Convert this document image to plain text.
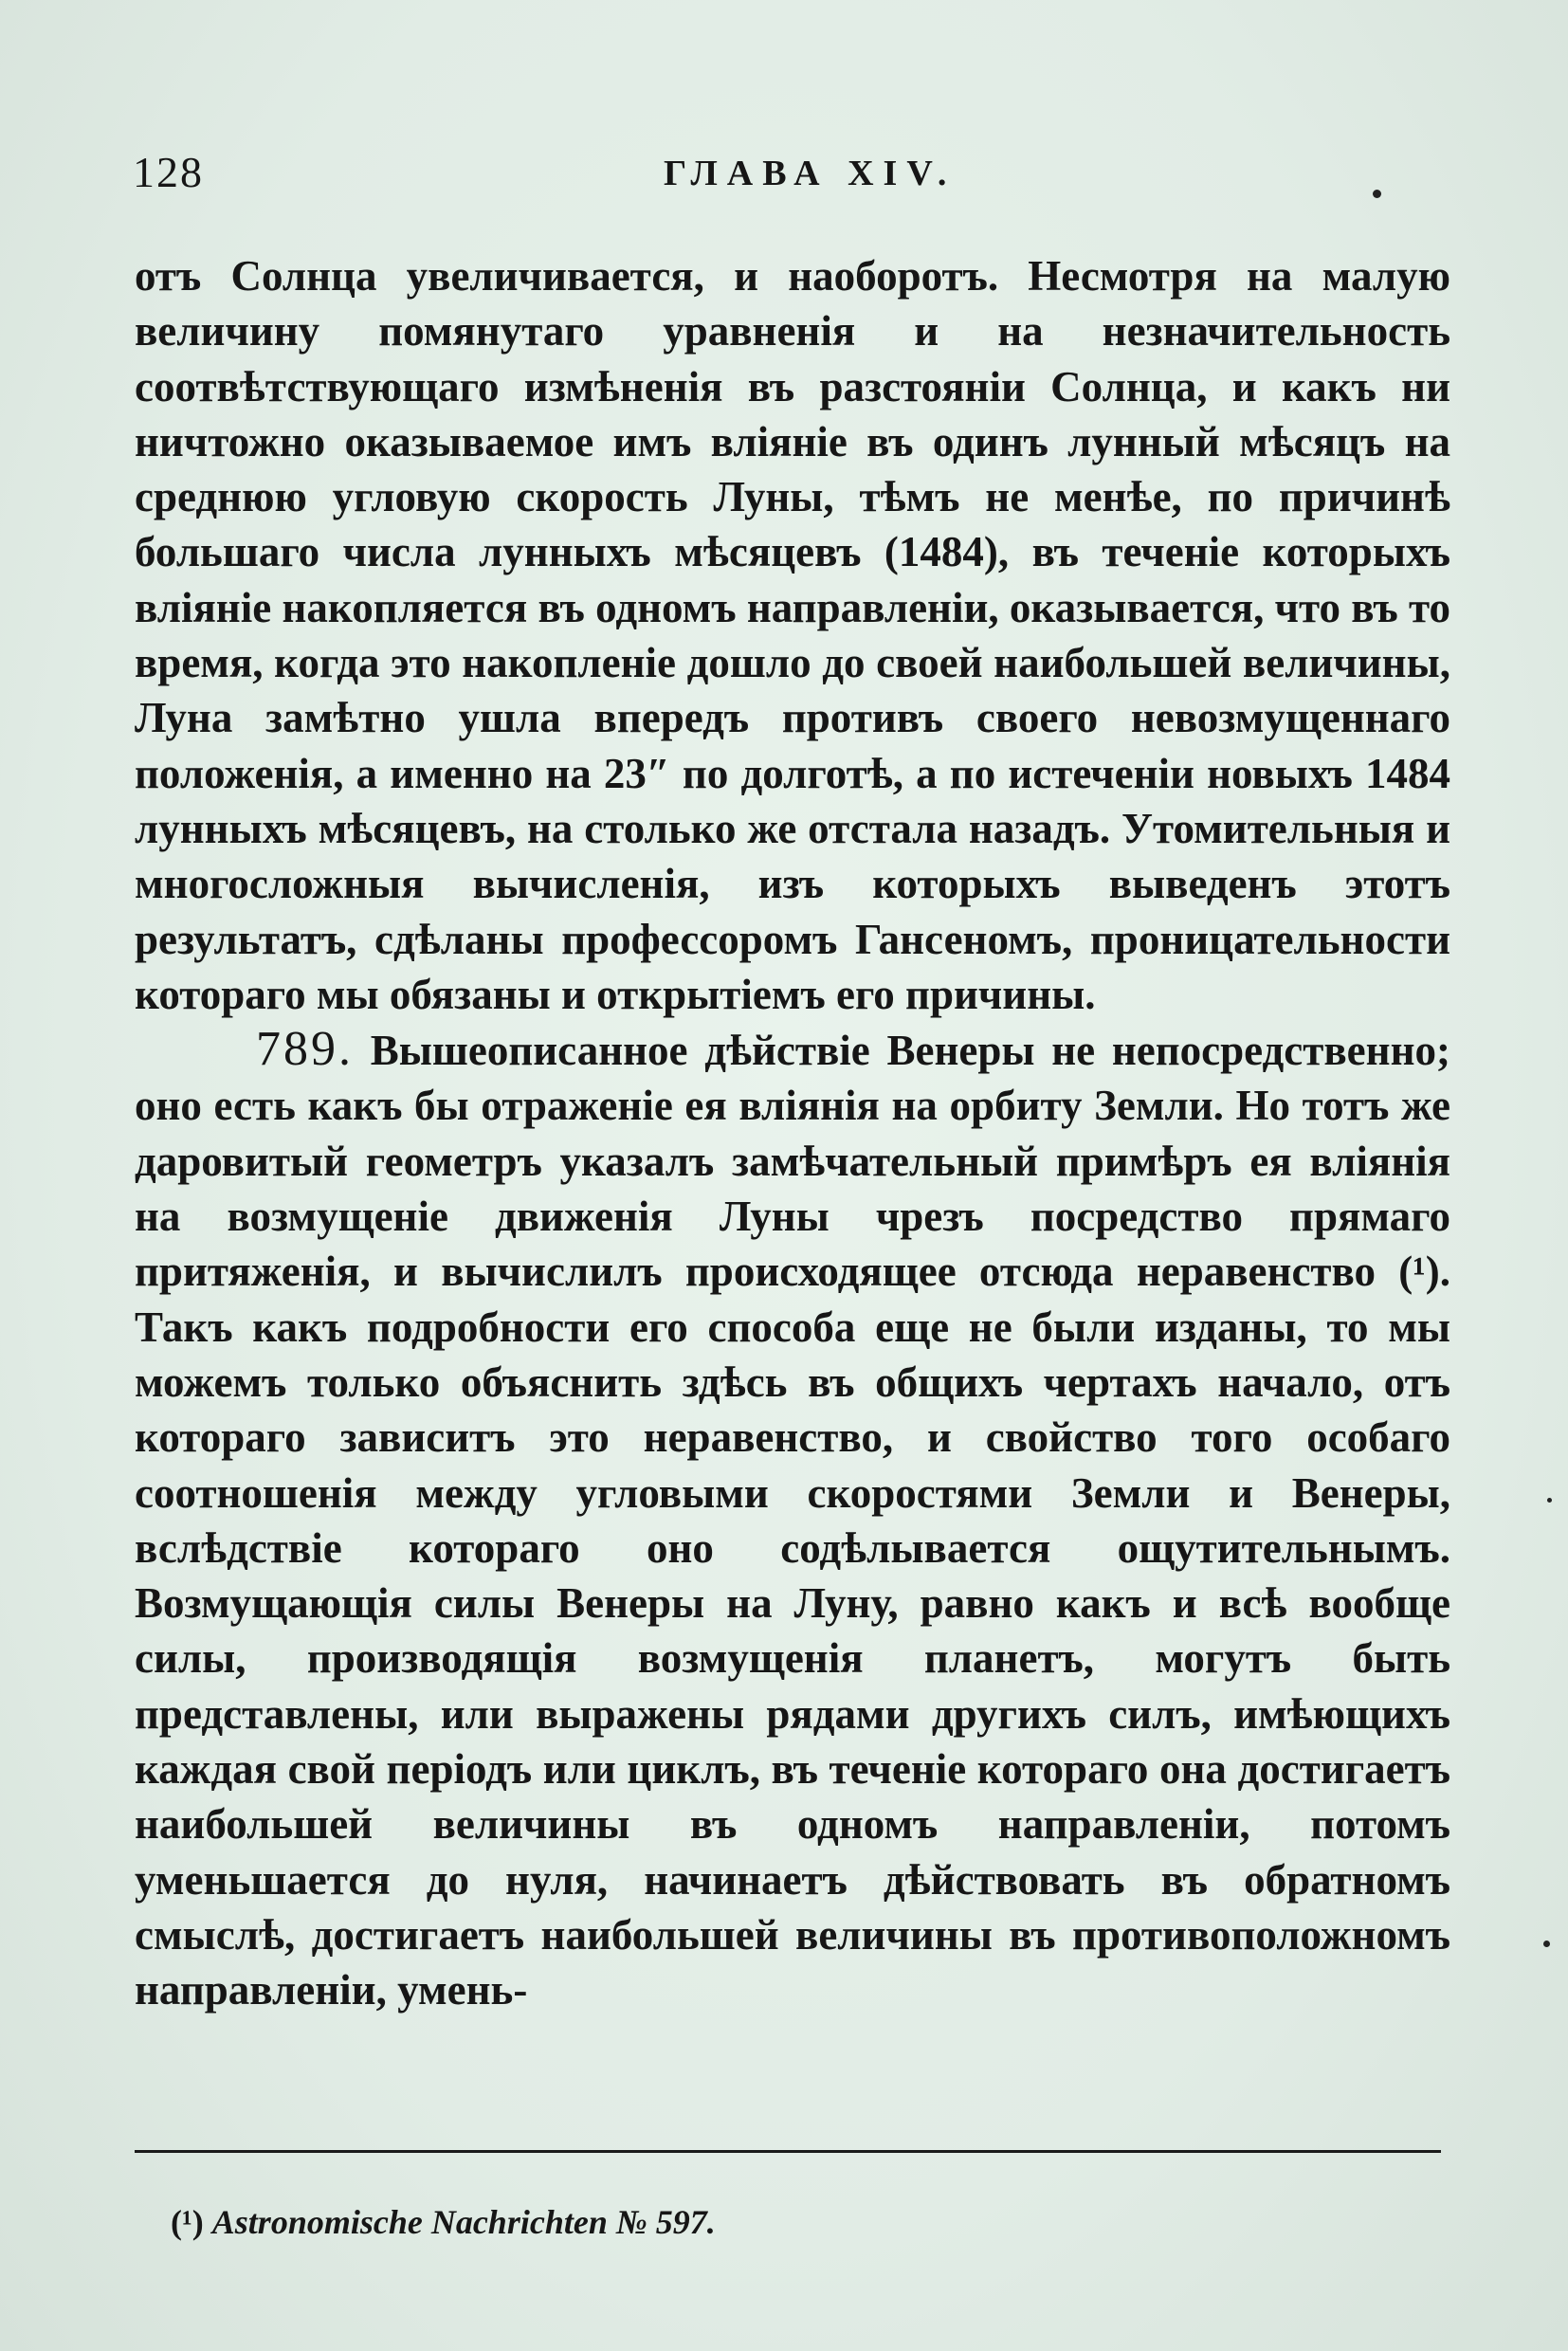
128	ГЛАВА XIV.

отъ Солнца увеличивается, и наоборотъ. Несмотря на малую величину помянутаго уравненія и на незначительность соотвѣтствующаго измѣненія въ разстояніи Солнца, и какъ ни ничтожно оказываемое имъ вліяніе въ одинъ лунный мѣсяцъ на среднюю угловую скорость Луны, тѣмъ не менѣе, по причинѣ большаго числа лунныхъ мѣсяцевъ (1484), въ теченіе которыхъ вліяніе накопляется въ одномъ направленіи, оказывается, что въ то время, когда это накопленіе дошло до своей наибольшей величины, Луна замѣтно ушла впередъ противъ своего невозмущеннаго положенія, а именно на 23″ по долготѣ, а по истеченіи новыхъ 1484 лунныхъ мѣсяцевъ, на столько же отстала назадъ. Утомительныя и многосложныя вычисленія, изъ которыхъ выведенъ этотъ результатъ, сдѣланы профессоромъ Гансеномъ, проницательности котораго мы обязаны и открытіемъ его причины.

789. Вышеописанное дѣйствіе Венеры не непосредственно; оно есть какъ бы отраженіе ея вліянія на орбиту Земли. Но тотъ же даровитый геометръ указалъ замѣчательный примѣръ ея вліянія на возмущеніе движенія Луны чрезъ посредство прямаго притяженія, и вычислилъ происходящее отсюда неравенство (¹). Такъ какъ подробности его способа еще не были изданы, то мы можемъ только объяснить здѣсь въ общихъ чертахъ начало, отъ котораго зависитъ это неравенство, и свойство того особаго соотношенія между угловыми скоростями Земли и Венеры, вслѣдствіе котораго оно содѣлывается ощутительнымъ. Возмущающія силы Венеры на Луну, равно какъ и всѣ вообще силы, производящія возмущенія планетъ, могутъ быть представлены, или выражены рядами другихъ силъ, имѣющихъ каждая свой періодъ или циклъ, въ теченіе котораго она достигаетъ наибольшей величины въ одномъ направленіи, потомъ уменьшается до нуля, начинаетъ дѣйствовать въ обратномъ смыслѣ, достигаетъ наибольшей величины въ противоположномъ направленіи, умень-

(¹) Astronomische Nachrichten № 597.
